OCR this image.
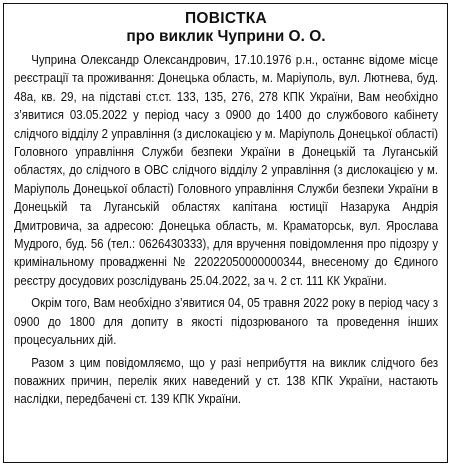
ПОВІСТКА
про виклик Чуприни О. О.

Чуприна Олександр Олександрович, 17.10.1976 р.н., останнє відоме місце реєстрації та проживання: Донецька область, м. Маріуполь, вул. Лютнева, буд. 48а, кв. 29, на підставі ст.ст. 133, 135, 276, 278 КПК України, Вам необхідно з’явитися 03.05.2022 у період часу з 0900 до 1400 до службового кабінету слідчого відділу 2 управління (з дислокацією у м. Маріуполь Донецької області) Головного управління Служби безпеки України в Донецькій та Луганській областях, до слідчого в ОВС слідчого відділу 2 управління (з дислокацією у м. Маріуполь Донецької області) Головного управління Служби безпеки України в Донецькій та Луганській областях капітана юстиції Назарука Андрія Дмитровича, за адресою: Донецька область, м. Краматорськ, вул. Ярослава Мудрого, буд. 56 (тел.: 0626430333), для вручення повідомлення про підозру у кримінальному провадженні № 22022050000000344, внесеному до Єдиного реєстру досудових розслідувань 25.04.2022, за ч. 2 ст. 111 КК України.

Окрім того, Вам необхідно з’явитися 04, 05 травня 2022 року в період часу з 0900 до 1800 для допиту в якості підозрюваного та проведення інших процесуальних дій.

Разом з цим повідомляємо, що у разі неприбуття на виклик слідчого без поважних причин, перелік яких наведений у ст. 138 КПК України, настають наслідки, передбачені ст. 139 КПК України.
